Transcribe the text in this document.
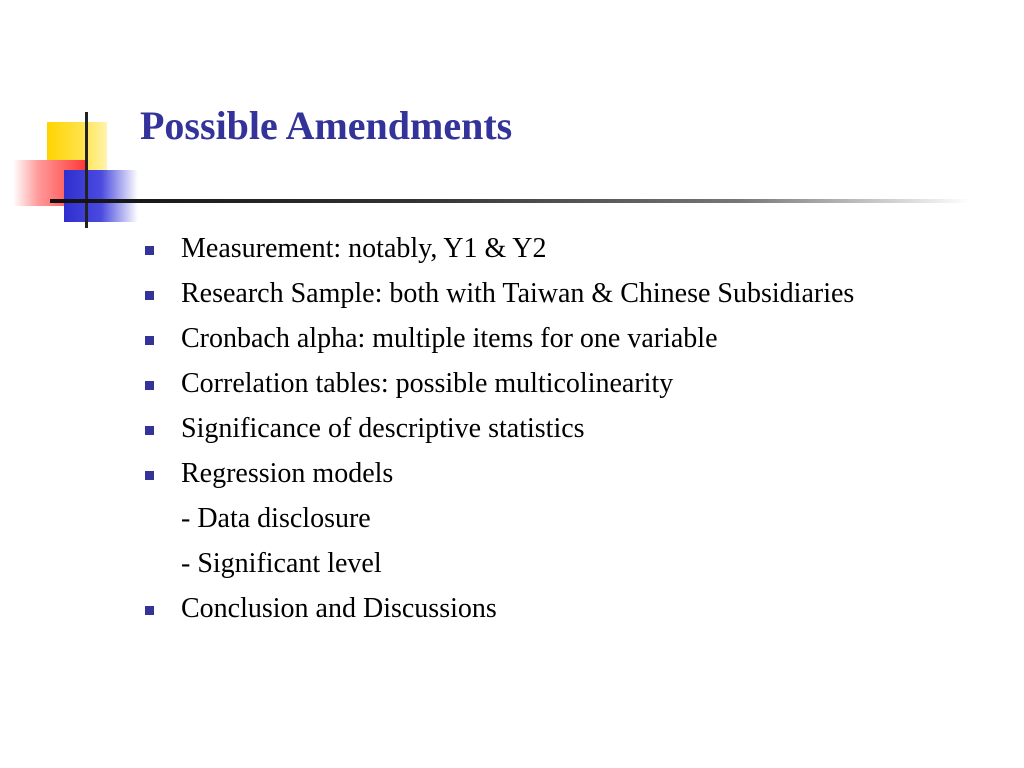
Possible Amendments
Measurement: notably, Y1 & Y2
Research Sample: both with Taiwan & Chinese Subsidiaries
Cronbach alpha: multiple items for one variable
Correlation tables: possible multicolinearity
Significance of descriptive statistics
Regression models
- Data disclosure
- Significant level
Conclusion and Discussions
